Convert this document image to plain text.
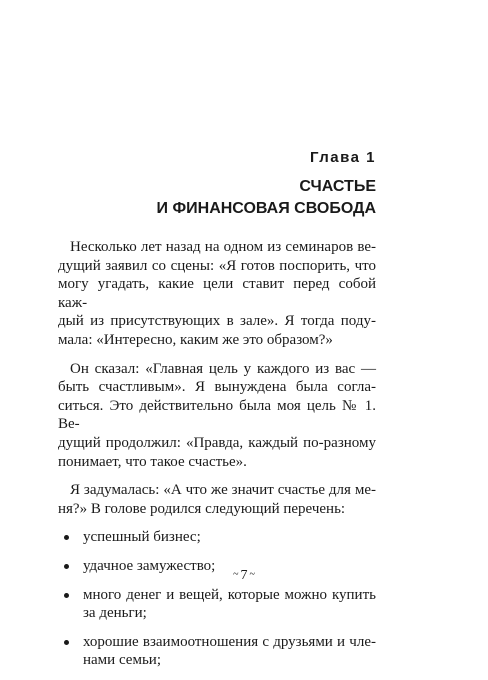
Глава 1
СЧАСТЬЕ
И ФИНАНСОВАЯ СВОБОДА
Несколько лет назад на одном из семинаров ве-
дущий заявил со сцены: «Я готов поспорить, что
могу угадать, какие цели ставит перед собой каж-
дый из присутствующих в зале». Я тогда поду-
мала: «Интересно, каким же это образом?»
Он сказал: «Главная цель у каждого из вас —
быть счастливым». Я вынуждена была согла-
ситься. Это действительно была моя цель № 1. Ве-
дущий продолжил: «Правда, каждый по-разному
понимает, что такое счастье».
Я задумалась: «А что же значит счастье для ме-
ня?» В голове родился следующий перечень:
успешный бизнес;
удачное замужество;
много денег и вещей, которые можно купить
за деньги;
хорошие взаимоотношения с друзьями и чле-
нами семьи;
~ 7 ~
